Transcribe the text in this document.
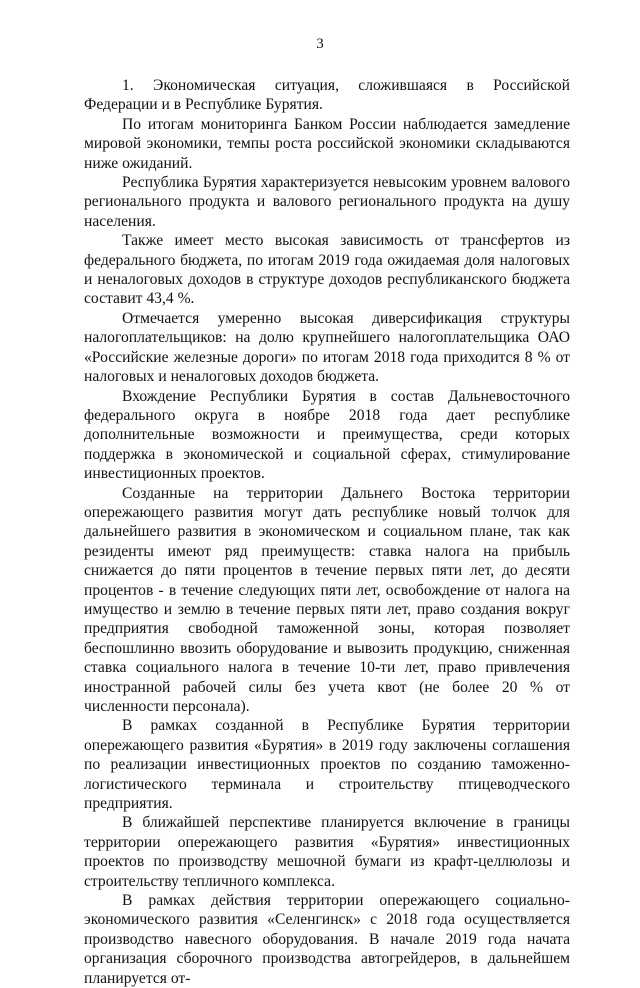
3

1. Экономическая ситуация, сложившаяся в Российской Федерации и в Республике Бурятия.

По итогам мониторинга Банком России наблюдается замедление мировой экономики, темпы роста российской экономики складываются ниже ожиданий.

Республика Бурятия характеризуется невысоким уровнем валового регионального продукта и валового регионального продукта на душу населения.

Также имеет место высокая зависимость от трансфертов из федерального бюджета, по итогам 2019 года ожидаемая доля налоговых и неналоговых доходов в структуре доходов республиканского бюджета составит 43,4 %.

Отмечается умеренно высокая диверсификация структуры налогоплательщиков: на долю крупнейшего налогоплательщика ОАО «Российские железные дороги» по итогам 2018 года приходится 8 % от налоговых и неналоговых доходов бюджета.

Вхождение Республики Бурятия в состав Дальневосточного федерального округа в ноябре 2018 года дает республике дополнительные возможности и преимущества, среди которых поддержка в экономической и социальной сферах, стимулирование инвестиционных проектов.

Созданные на территории Дальнего Востока территории опережающего развития могут дать республике новый толчок для дальнейшего развития в экономическом и социальном плане, так как резиденты имеют ряд преимуществ: ставка налога на прибыль снижается до пяти процентов в течение первых пяти лет, до десяти процентов - в течение следующих пяти лет, освобождение от налога на имущество и землю в течение первых пяти лет, право создания вокруг предприятия свободной таможенной зоны, которая позволяет беспошлинно ввозить оборудование и вывозить продукцию, сниженная ставка социального налога в течение 10-ти лет, право привлечения иностранной рабочей силы без учета квот (не более 20 % от численности персонала).

В рамках созданной в Республике Бурятия территории опережающего развития «Бурятия» в 2019 году заключены соглашения по реализации инвестиционных проектов по созданию таможенно-логистического терминала и строительству птицеводческого предприятия.

В ближайшей перспективе планируется включение в границы территории опережающего развития «Бурятия» инвестиционных проектов по производству мешочной бумаги из крафт-целлюлозы и строительству тепличного комплекса.

В рамках действия территории опережающего социально-экономического развития «Селенгинск» с 2018 года осуществляется производство навесного оборудования. В начале 2019 года начата организация сборочного производства автогрейдеров, в дальнейшем планируется от-
